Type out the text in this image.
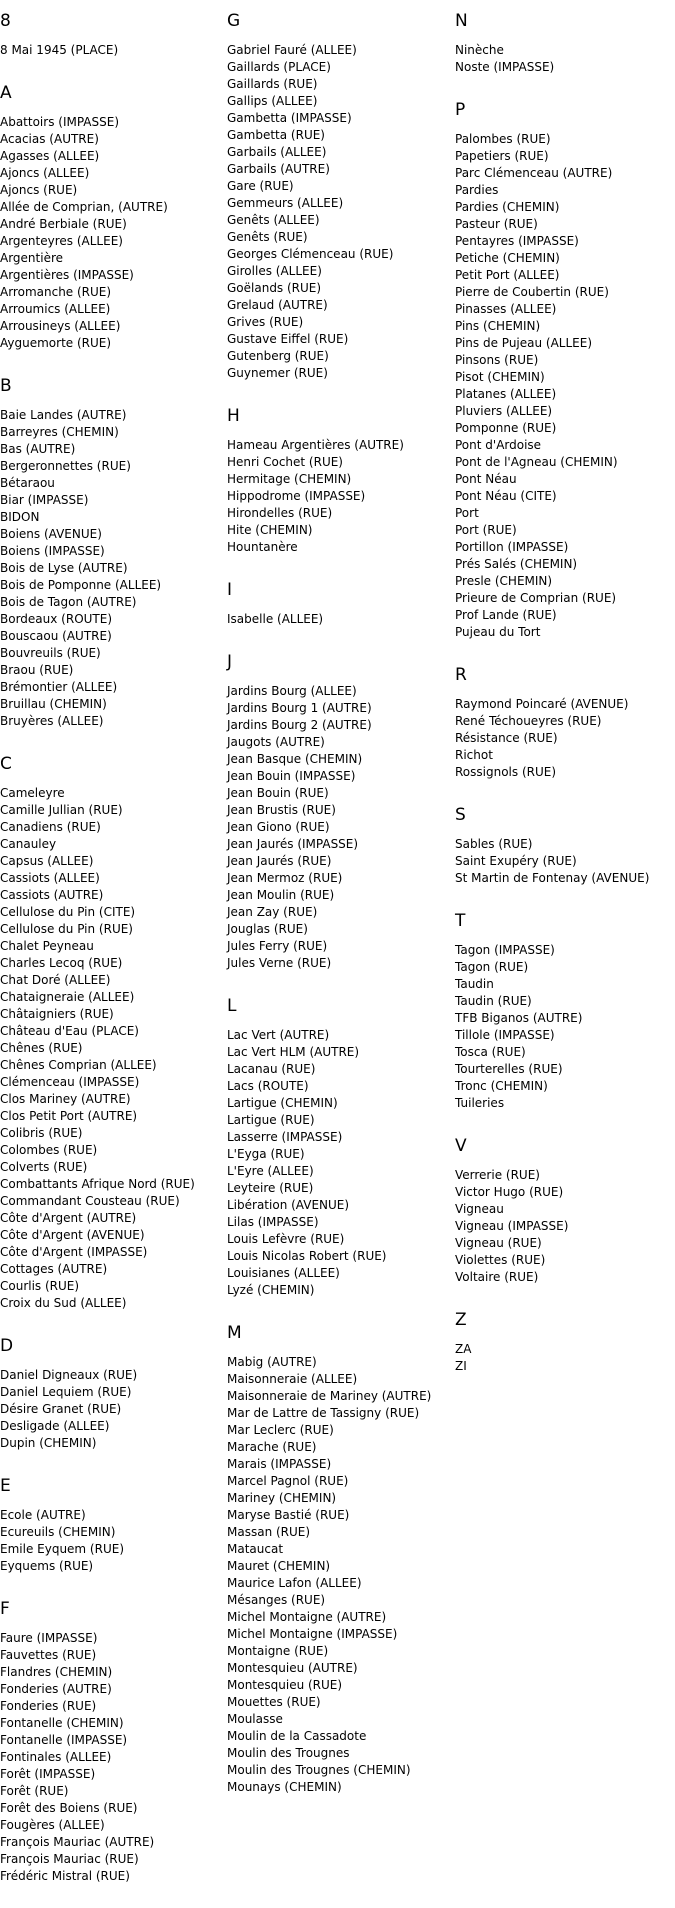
8
8 Mai 1945 (PLACE)
A
Abattoirs (IMPASSE)
Acacias (AUTRE)
Agasses (ALLEE)
Ajoncs (ALLEE)
Ajoncs (RUE)
Allée de Comprian, (AUTRE)
André Berbiale (RUE)
Argenteyres (ALLEE)
Argentière
Argentières (IMPASSE)
Arromanche (RUE)
Arroumics (ALLEE)
Arrousineys (ALLEE)
Ayguemorte (RUE)
B
Baie Landes (AUTRE)
Barreyres (CHEMIN)
Bas (AUTRE)
Bergeronnettes (RUE)
Bétaraou
Biar (IMPASSE)
BIDON
Boiens (AVENUE)
Boiens (IMPASSE)
Bois de Lyse (AUTRE)
Bois de Pomponne (ALLEE)
Bois de Tagon (AUTRE)
Bordeaux (ROUTE)
Bouscaou (AUTRE)
Bouvreuils (RUE)
Braou (RUE)
Brémontier (ALLEE)
Bruillau (CHEMIN)
Bruyères (ALLEE)
C
Cameleyre
Camille Jullian (RUE)
Canadiens (RUE)
Canauley
Capsus (ALLEE)
Cassiots (ALLEE)
Cassiots (AUTRE)
Cellulose du Pin (CITE)
Cellulose du Pin (RUE)
Chalet Peyneau
Charles Lecoq (RUE)
Chat Doré (ALLEE)
Chataigneraie (ALLEE)
Châtaigniers (RUE)
Château d'Eau (PLACE)
Chênes (RUE)
Chênes Comprian (ALLEE)
Clémenceau (IMPASSE)
Clos Mariney (AUTRE)
Clos Petit Port (AUTRE)
Colibris (RUE)
Colombes (RUE)
Colverts (RUE)
Combattants Afrique Nord (RUE)
Commandant Cousteau (RUE)
Côte d'Argent (AUTRE)
Côte d'Argent (AVENUE)
Côte d'Argent (IMPASSE)
Cottages (AUTRE)
Courlis (RUE)
Croix du Sud (ALLEE)
D
Daniel Digneaux (RUE)
Daniel Lequiem (RUE)
Désire Granet (RUE)
Desligade (ALLEE)
Dupin (CHEMIN)
E
Ecole (AUTRE)
Ecureuils (CHEMIN)
Emile Eyquem (RUE)
Eyquems (RUE)
F
Faure (IMPASSE)
Fauvettes (RUE)
Flandres (CHEMIN)
Fonderies (AUTRE)
Fonderies (RUE)
Fontanelle (CHEMIN)
Fontanelle (IMPASSE)
Fontinales (ALLEE)
Forêt (IMPASSE)
Forêt (RUE)
Forêt des Boiens (RUE)
Fougères (ALLEE)
François Mauriac (AUTRE)
François Mauriac (RUE)
Frédéric Mistral (RUE)
G
Gabriel Fauré (ALLEE)
Gaillards (PLACE)
Gaillards (RUE)
Gallips (ALLEE)
Gambetta (IMPASSE)
Gambetta (RUE)
Garbails (ALLEE)
Garbails (AUTRE)
Gare (RUE)
Gemmeurs (ALLEE)
Genêts (ALLEE)
Genêts (RUE)
Georges Clémenceau (RUE)
Girolles (ALLEE)
Goëlands (RUE)
Grelaud (AUTRE)
Grives (RUE)
Gustave Eiffel (RUE)
Gutenberg (RUE)
Guynemer (RUE)
H
Hameau Argentières (AUTRE)
Henri Cochet (RUE)
Hermitage (CHEMIN)
Hippodrome (IMPASSE)
Hirondelles (RUE)
Hite (CHEMIN)
Hountanère
I
Isabelle (ALLEE)
J
Jardins Bourg (ALLEE)
Jardins Bourg 1 (AUTRE)
Jardins Bourg 2 (AUTRE)
Jaugots (AUTRE)
Jean Basque (CHEMIN)
Jean Bouin (IMPASSE)
Jean Bouin (RUE)
Jean Brustis (RUE)
Jean Giono (RUE)
Jean Jaurés (IMPASSE)
Jean Jaurés (RUE)
Jean Mermoz (RUE)
Jean Moulin (RUE)
Jean Zay (RUE)
Jouglas (RUE)
Jules Ferry (RUE)
Jules Verne (RUE)
L
Lac Vert (AUTRE)
Lac Vert HLM (AUTRE)
Lacanau (RUE)
Lacs (ROUTE)
Lartigue (CHEMIN)
Lartigue (RUE)
Lasserre (IMPASSE)
L'Eyga (RUE)
L'Eyre (ALLEE)
Leyteire (RUE)
Libération (AVENUE)
Lilas (IMPASSE)
Louis Lefèvre (RUE)
Louis Nicolas Robert (RUE)
Louisianes (ALLEE)
Lyzé (CHEMIN)
M
Mabig (AUTRE)
Maisonneraie (ALLEE)
Maisonneraie de Mariney (AUTRE)
Mar de Lattre de Tassigny (RUE)
Mar Leclerc (RUE)
Marache (RUE)
Marais (IMPASSE)
Marcel Pagnol (RUE)
Mariney (CHEMIN)
Maryse Bastié (RUE)
Massan (RUE)
Mataucat
Mauret (CHEMIN)
Maurice Lafon (ALLEE)
Mésanges (RUE)
Michel Montaigne (AUTRE)
Michel Montaigne (IMPASSE)
Montaigne (RUE)
Montesquieu (AUTRE)
Montesquieu (RUE)
Mouettes (RUE)
Moulasse
Moulin de la Cassadote
Moulin des Trougnes
Moulin des Trougnes (CHEMIN)
Mounays (CHEMIN)
N
Ninèche
Noste (IMPASSE)
P
Palombes (RUE)
Papetiers (RUE)
Parc Clémenceau (AUTRE)
Pardies
Pardies (CHEMIN)
Pasteur (RUE)
Pentayres (IMPASSE)
Petiche (CHEMIN)
Petit Port (ALLEE)
Pierre de Coubertin (RUE)
Pinasses (ALLEE)
Pins (CHEMIN)
Pins de Pujeau (ALLEE)
Pinsons (RUE)
Pisot (CHEMIN)
Platanes (ALLEE)
Pluviers (ALLEE)
Pomponne (RUE)
Pont d'Ardoise
Pont de l'Agneau (CHEMIN)
Pont Néau
Pont Néau (CITE)
Port
Port (RUE)
Portillon (IMPASSE)
Prés Salés (CHEMIN)
Presle (CHEMIN)
Prieure de Comprian (RUE)
Prof Lande (RUE)
Pujeau du Tort
R
Raymond Poincaré (AVENUE)
René Téchoueyres (RUE)
Résistance (RUE)
Richot
Rossignols (RUE)
S
Sables (RUE)
Saint Exupéry (RUE)
St Martin de Fontenay (AVENUE)
T
Tagon (IMPASSE)
Tagon (RUE)
Taudin
Taudin (RUE)
TFB Biganos (AUTRE)
Tillole (IMPASSE)
Tosca (RUE)
Tourterelles (RUE)
Tronc (CHEMIN)
Tuileries
V
Verrerie (RUE)
Victor Hugo (RUE)
Vigneau
Vigneau (IMPASSE)
Vigneau (RUE)
Violettes (RUE)
Voltaire (RUE)
Z
ZA
ZI
